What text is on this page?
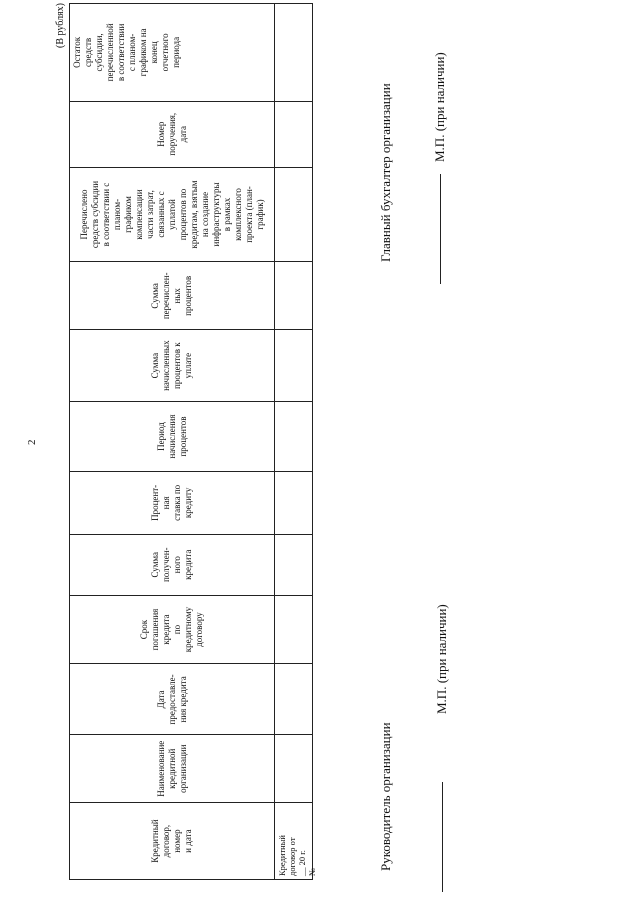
2
(В рублях)
Кредитный
договор,
номер
и дата
Наименование
кредитной
организации
Дата
предоставле-
ния кредита
Срок
погашения
кредита
по
кредитному
договору
Сумма
получен-
ного
кредита
Процент-
ная
ставка по
кредиту
Период
начисления
процентов
Сумма
начисленных
процентов к
уплате
Сумма
перечислен-
ных
процентов
Перечислено
средств субсидии
в соответствии с
планом-
графиком
компенсации
части затрат,
связанных с
уплатой
процентов по
кредитам, взятым
на создание
инфраструктуры
в рамках
комплексного
проекта (план-
график)
Номер
поручения,
дата
Остаток
средств
субсидии,
перечисленной
в соответствии
с планом-
графиком на
конец
отчетного
периода
Кредитный
договор от
__ 20 г.
№
Руководитель организации
М.П. (при наличии)
Главный бухгалтер организации	М.П. (при наличии)
